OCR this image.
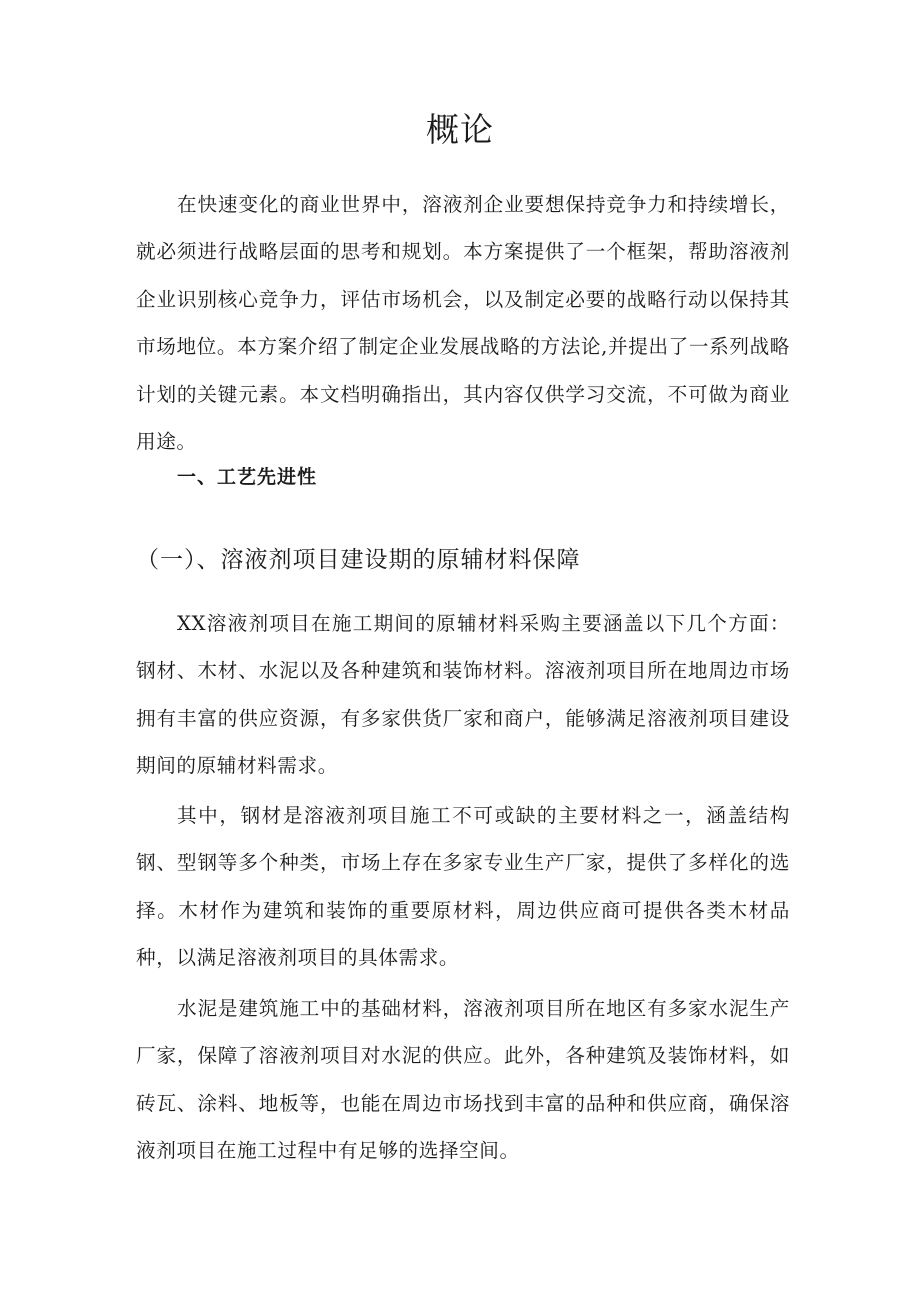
概论

在快速变化的商业世界中，溶液剂企业要想保持竞争力和持续增长，就必须进行战略层面的思考和规划。本方案提供了一个框架，帮助溶液剂企业识别核心竞争力，评估市场机会，以及制定必要的战略行动以保持其市场地位。本方案介绍了制定企业发展战略的方法论,并提出了一系列战略计划的关键元素。本文档明确指出，其内容仅供学习交流，不可做为商业用途。

一、工艺先进性
（一）、溶液剂项目建设期的原辅材料保障

XX溶液剂项目在施工期间的原辅材料采购主要涵盖以下几个方面：钢材、木材、水泥以及各种建筑和装饰材料。溶液剂项目所在地周边市场拥有丰富的供应资源，有多家供货厂家和商户，能够满足溶液剂项目建设期间的原辅材料需求。

其中，钢材是溶液剂项目施工不可或缺的主要材料之一，涵盖结构钢、型钢等多个种类，市场上存在多家专业生产厂家，提供了多样化的选择。木材作为建筑和装饰的重要原材料，周边供应商可提供各类木材品种，以满足溶液剂项目的具体需求。

水泥是建筑施工中的基础材料，溶液剂项目所在地区有多家水泥生产厂家，保障了溶液剂项目对水泥的供应。此外，各种建筑及装饰材料，如砖瓦、涂料、地板等，也能在周边市场找到丰富的品种和供应商，确保溶液剂项目在施工过程中有足够的选择空间。
